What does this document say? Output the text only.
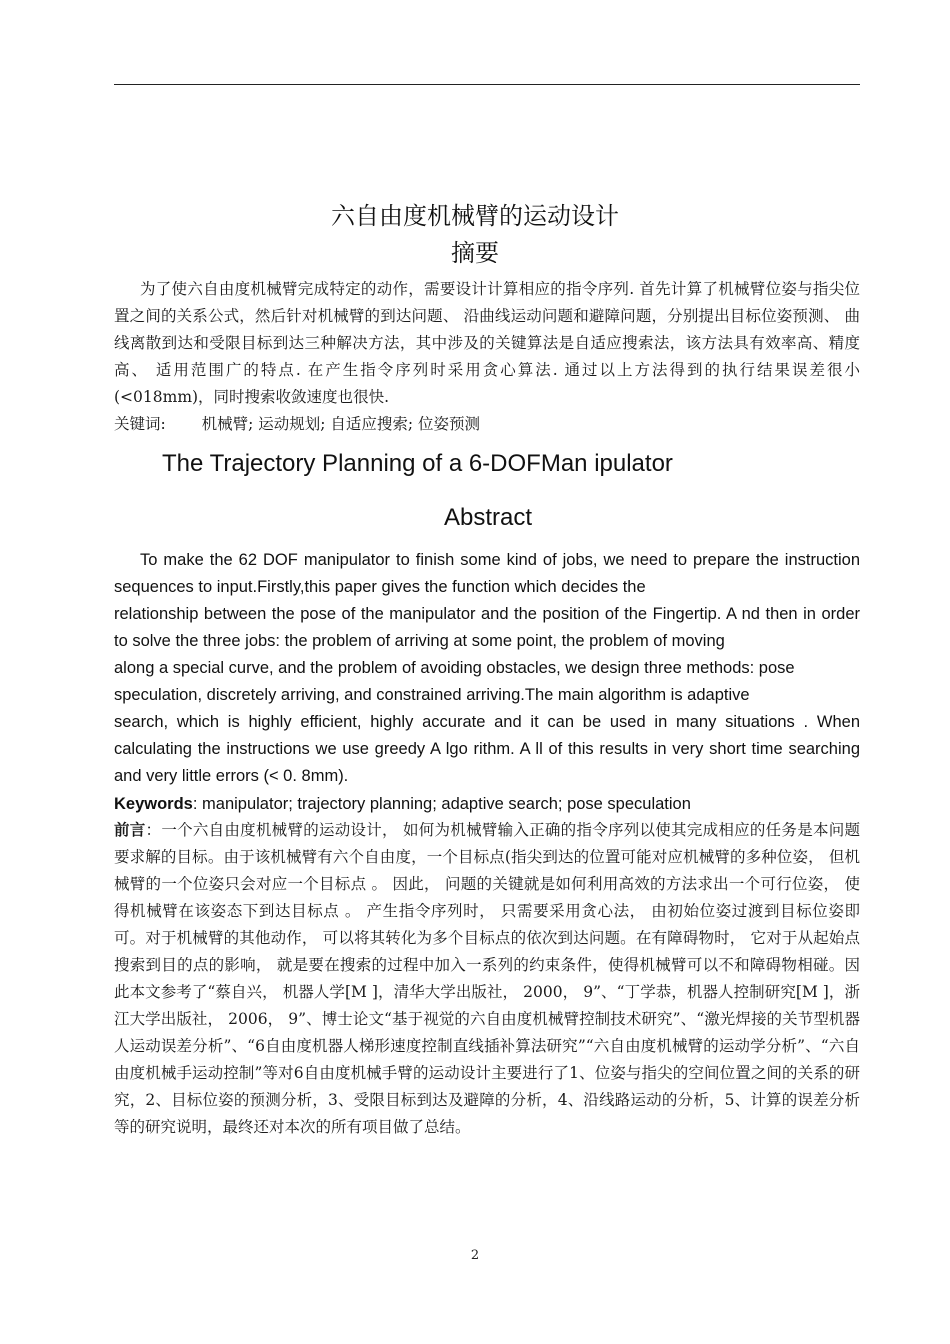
六自由度机械臂的运动设计
摘要

为了使六自由度机械臂完成特定的动作，需要设计计算相应的指令序列. 首先计算了机械臂位姿与指尖位置之间的关系公式，然后针对机械臂的到达问题、 沿曲线运动问题和避障问题，分别提出目标位姿预测、 曲线离散到达和受限目标到达三种解决方法，其中涉及的关键算法是自适应搜索法，该方法具有效率高、精度高、 适用范围广的特点. 在产生指令序列时采用贪心算法. 通过以上方法得到的执行结果误差很小(<018mm)，同时搜索收敛速度也很快.

关键词: 机械臂; 运动规划; 自适应搜索; 位姿预测
The Trajectory Planning of a 6-DOFMan ipulator
Abstract
To make the 62 DOF manipulator to finish some kind of jobs, we need to prepare the instruction
sequences to input.Firstly,this paper gives the function which decides the
relationship between the pose of the manipulator and the position of the Fingertip. A nd then in order
to solve the three jobs: the problem of arriving at some point, the problem of moving
along a special curve, and the problem of avoiding obstacles, we design three methods: pose
speculation, discretely arriving, and constrained arriving.The main algorithm is adaptive
search, which is highly efficient, highly accurate and it can be used in many situations . When
calculating the instructions we use greedy A lgo rithm. A ll of this results in very short time searching
and very little errors (< 0. 8mm).
Keywords: manipulator; trajectory planning; adaptive search; pose speculation

前言：一个六自由度机械臂的运动设计， 如何为机械臂输入正确的指令序列以使其完成相应的任务是本问题要求解的目标。由于该机械臂有六个自由度，一个目标点(指尖到达的位置可能对应机械臂的多种位姿， 但机械臂的一个位姿只会对应一个目标点 。 因此， 问题的关键就是如何利用高效的方法求出一个可行位姿， 使得机械臂在该姿态下到达目标点 。 产生指令序列时， 只需要采用贪心法， 由初始位姿过渡到目标位姿即可。对于机械臂的其他动作， 可以将其转化为多个目标点的依次到达问题。在有障碍物时， 它对于从起始点搜索到目的点的影响， 就是要在搜索的过程中加入一系列的约束条件，使得机械臂可以不和障碍物相碰。因此本文参考了“蔡自兴， 机器人学[M ]，清华大学出版社， 2000， 9”、“丁学恭，机器人控制研究[M ]，浙江大学出版社， 2006， 9”、博士论文“基于视觉的六自由度机械臂控制技术研究”、“激光焊接的关节型机器人运动误差分析”、“6自由度机器人梯形速度控制直线插补算法研究”“六自由度机械臂的运动学分析”、“六自由度机械手运动控制”等对6自由度机械手臂的运动设计主要进行了1、位姿与指尖的空间位置之间的关系的研究，2、目标位姿的预测分析，3、受限目标到达及避障的分析，4、沿线路运动的分析，5、计算的误差分析等的研究说明，最终还对本次的所有项目做了总结。

2
